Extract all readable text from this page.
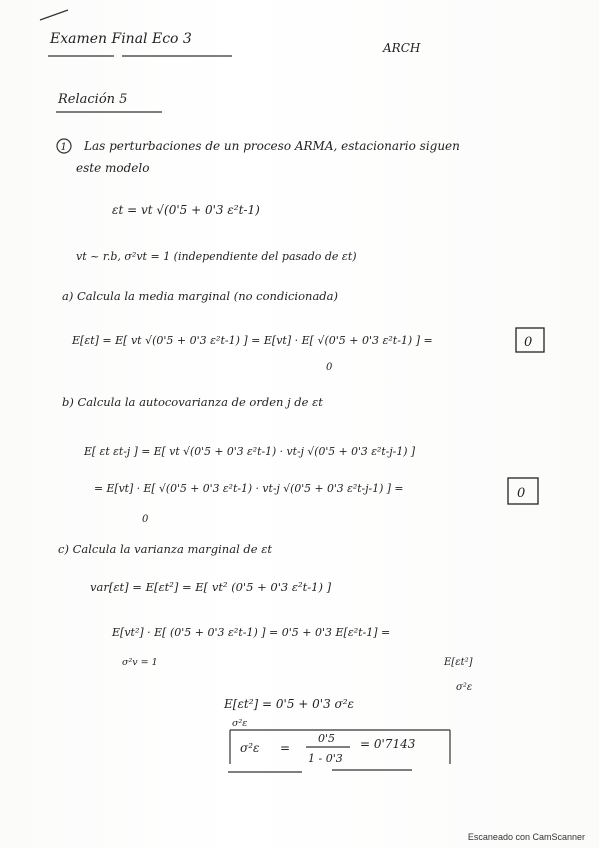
Examen Final Eco 3
ARCH
Relación 5
1 Las perturbaciones de un proceso ARMA, estacionario siguen
este modelo
εt = vt √(0'5 + 0'3 ε²t-1)
vt ~ r.b, σ²vt = 1 (independiente del pasado de εt)
a) Calcula la media marginal (no condicionada)
E[εt] = E[ vt √(0'5 + 0'3 ε²t-1) ] = E[vt] · E[ √(0'5 + 0'3 ε²t-1) ] =
0
0
b) Calcula la autocovarianza de orden j de εt
E[ εt εt-j ] = E[ vt √(0'5 + 0'3 ε²t-1) · vt-j √(0'5 + 0'3 ε²t-j-1) ]
= E[vt] · E[ √(0'5 + 0'3 ε²t-1) · vt-j √(0'5 + 0'3 ε²t-j-1) ] =
0
0
c) Calcula la varianza marginal de εt
var[εt] = E[εt²] = E[ vt² (0'5 + 0'3 ε²t-1) ]
E[vt²] · E[ (0'5 + 0'3 ε²t-1) ] = 0'5 + 0'3 E[ε²t-1] =
σ²v = 1	E[εt²]
σ²ε
E[εt²] = 0'5 + 0'3 σ²ε
σ²ε
σ²ε =
0'5
1 - 0'3
= 0'7143
Escaneado con CamScanner
